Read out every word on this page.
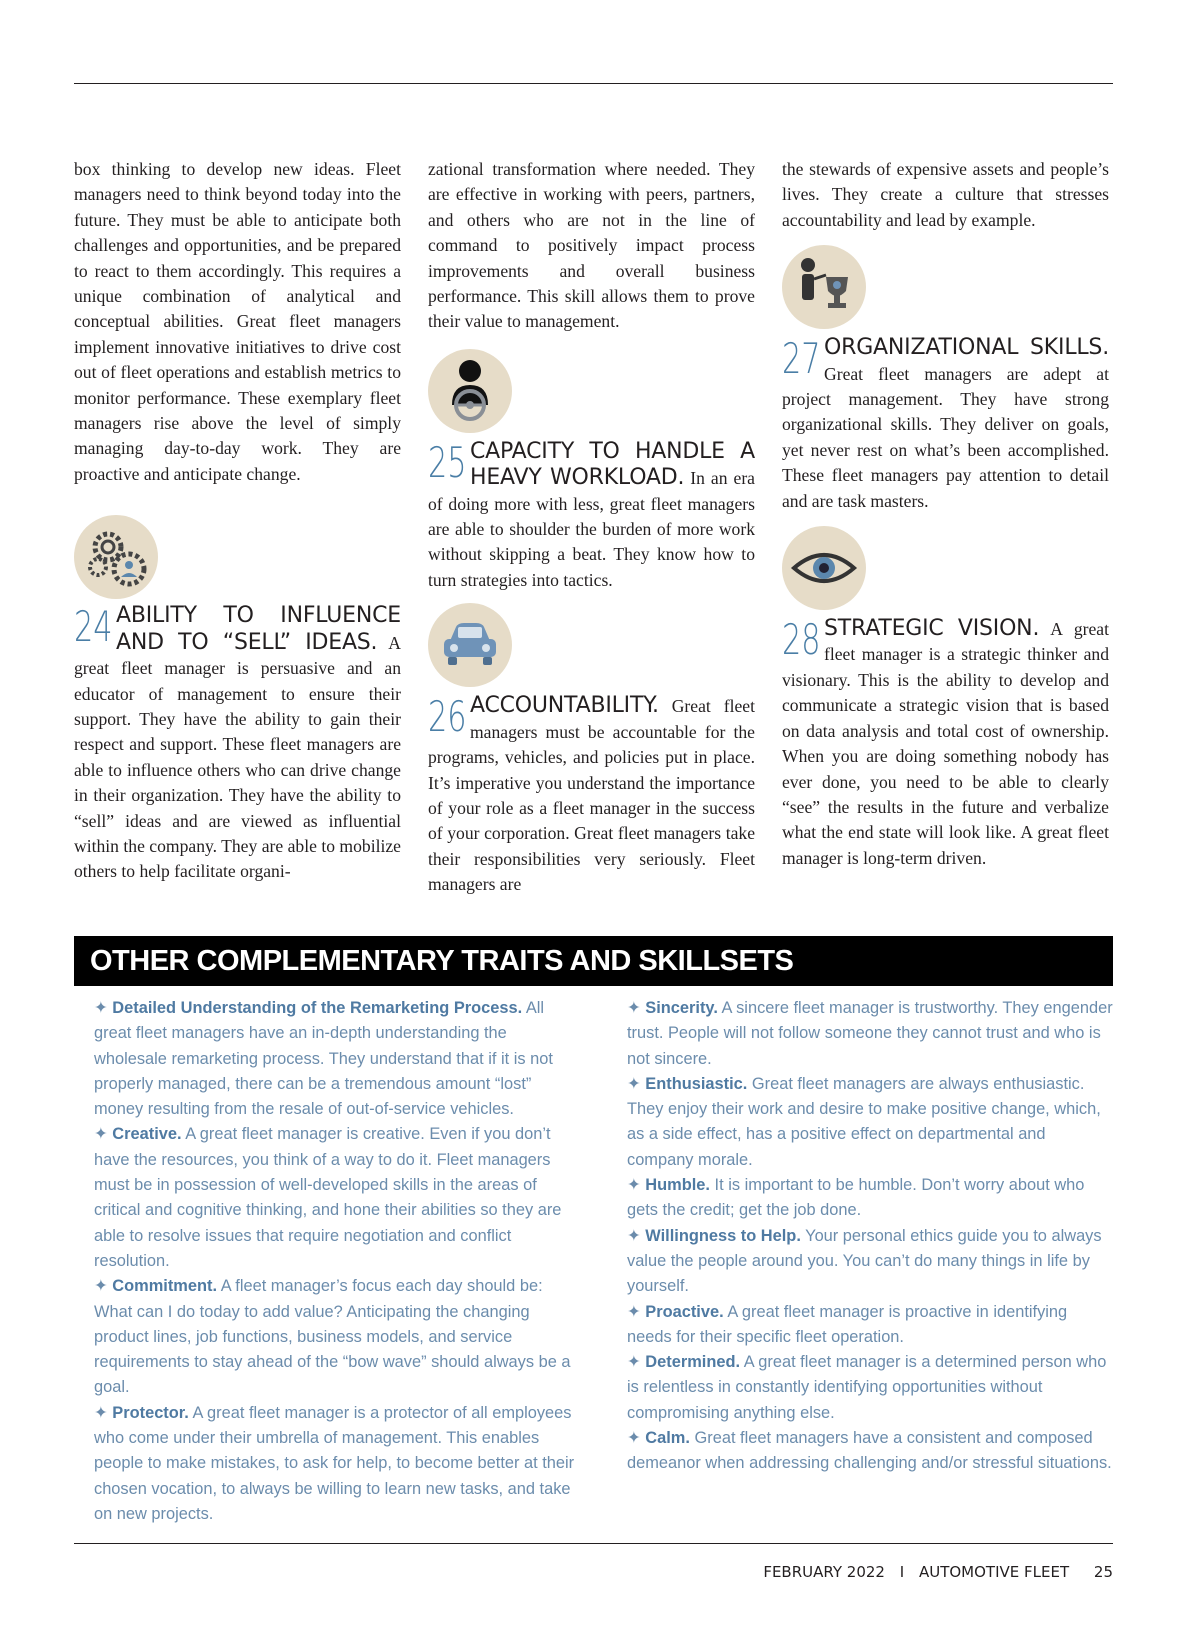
box thinking to develop new ideas. Fleet managers need to think beyond today into the future. They must be able to anticipate both challenges and opportunities, and be prepared to react to them accordingly. This requires a unique combination of analytical and conceptual abilities. Great fleet managers implement innovative initiatives to drive cost out of fleet operations and establish metrics to monitor performance. These exemplary fleet managers rise above the level of simply managing day-to-day work. They are proactive and anticipate change.

24 ABILITY TO INFLUENCE AND TO “SELL” IDEAS. A great fleet manager is persuasive and an educator of management to ensure their support. They have the ability to gain their respect and support. These fleet managers are able to influence others who can drive change in their organization. They have the ability to “sell” ideas and are viewed as influential within the company. They are able to mobilize others to help facilitate organi-

zational transformation where needed. They are effective in working with peers, partners, and others who are not in the line of command to positively impact process improvements and overall business performance. This skill allows them to prove their value to management.

25 CAPACITY TO HANDLE A HEAVY WORKLOAD. In an era of doing more with less, great fleet managers are able to shoulder the burden of more work without skipping a beat. They know how to turn strategies into tactics.
26 ACCOUNTABILITY. Great fleet managers must be accountable for the programs, vehicles, and policies put in place. It’s imperative you understand the importance of your role as a fleet manager in the success of your corporation. Great fleet managers take their responsibilities very seriously. Fleet managers are

the stewards of expensive assets and people’s lives. They create a culture that stresses accountability and lead by example.

27 ORGANIZATIONAL SKILLS. Great fleet managers are adept at project management. They have strong organizational skills. They deliver on goals, yet never rest on what’s been accomplished. These fleet managers pay attention to detail and are task masters.
28 STRATEGIC VISION. A great fleet manager is a strategic thinker and visionary. This is the ability to develop and communicate a strategic vision that is based on data analysis and total cost of ownership. When you are doing something nobody has ever done, you need to be able to clearly “see” the results in the future and verbalize what the end state will look like. A great fleet manager is long-term driven.
OTHER COMPLEMENTARY TRAITS AND SKILLSETS

✦ Detailed Understanding of the Remarketing Process. All great fleet managers have an in-depth understanding the wholesale remarketing process. They understand that if it is not properly managed, there can be a tremendous amount “lost” money resulting from the resale of out-of-service vehicles.

✦ Creative. A great fleet manager is creative. Even if you don’t have the resources, you think of a way to do it. Fleet managers must be in possession of well-developed skills in the areas of critical and cognitive thinking, and hone their abilities so they are able to resolve issues that require negotiation and conflict resolution.

✦ Commitment. A fleet manager’s focus each day should be: What can I do today to add value? Anticipating the changing product lines, job functions, business models, and service requirements to stay ahead of the “bow wave” should always be a goal.

✦ Protector. A great fleet manager is a protector of all employees who come under their umbrella of management. This enables people to make mistakes, to ask for help, to become better at their chosen vocation, to always be willing to learn new tasks, and take on new projects.

✦ Sincerity. A sincere fleet manager is trustworthy. They engender trust. People will not follow someone they cannot trust and who is not sincere.

✦ Enthusiastic. Great fleet managers are always enthusiastic. They enjoy their work and desire to make positive change, which, as a side effect, has a positive effect on departmental and company morale.

✦ Humble. It is important to be humble. Don’t worry about who gets the credit; get the job done.

✦ Willingness to Help. Your personal ethics guide you to always value the people around you. You can’t do many things in life by yourself.

✦ Proactive. A great fleet manager is proactive in identifying needs for their specific fleet operation.

✦ Determined. A great fleet manager is a determined person who is relentless in constantly identifying opportunities without compromising anything else.

✦ Calm. Great fleet managers have a consistent and composed demeanor when addressing challenging and/or stressful situations.

FEBRUARY 2022 I AUTOMOTIVE FLEET 25
